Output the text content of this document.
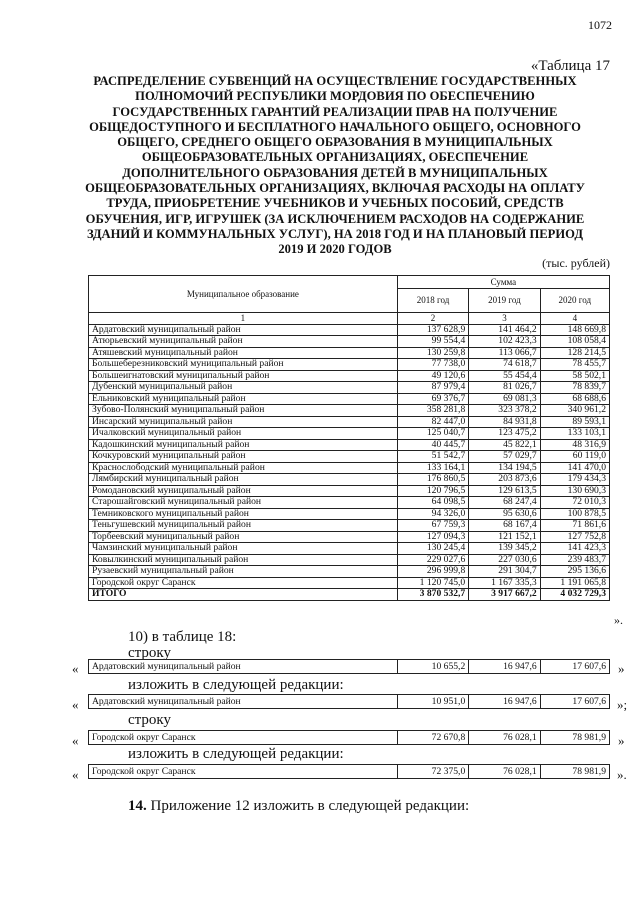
1072
«Таблица 17
РАСПРЕДЕЛЕНИЕ СУБВЕНЦИЙ НА ОСУЩЕСТВЛЕНИЕ ГОСУДАРСТВЕННЫХ ПОЛНОМОЧИЙ РЕСПУБЛИКИ МОРДОВИЯ ПО ОБЕСПЕЧЕНИЮ ГОСУДАРСТВЕННЫХ ГАРАНТИЙ РЕАЛИЗАЦИИ ПРАВ НА ПОЛУЧЕНИЕ ОБЩЕДОСТУПНОГО И БЕСПЛАТНОГО НАЧАЛЬНОГО ОБЩЕГО, ОСНОВНОГО ОБЩЕГО, СРЕДНЕГО ОБЩЕГО ОБРАЗОВАНИЯ В МУНИЦИПАЛЬНЫХ ОБЩЕОБРАЗОВАТЕЛЬНЫХ ОРГАНИЗАЦИЯХ, ОБЕСПЕЧЕНИЕ ДОПОЛНИТЕЛЬНОГО ОБРАЗОВАНИЯ ДЕТЕЙ В МУНИЦИПАЛЬНЫХ ОБЩЕОБРАЗОВАТЕЛЬНЫХ ОРГАНИЗАЦИЯХ, ВКЛЮЧАЯ РАСХОДЫ НА ОПЛАТУ ТРУДА, ПРИОБРЕТЕНИЕ УЧЕБНИКОВ И УЧЕБНЫХ ПОСОБИЙ, СРЕДСТВ ОБУЧЕНИЯ, ИГР, ИГРУШЕК (ЗА ИСКЛЮЧЕНИЕМ РАСХОДОВ НА СОДЕРЖАНИЕ ЗДАНИЙ И КОММУНАЛЬНЫХ УСЛУГ), НА 2018 ГОД И НА ПЛАНОВЫЙ ПЕРИОД 2019 И 2020 ГОДОВ
(тыс. рублей)
Муниципальное образование	Сумма		
	2018 год	2019 год	2020 год
1	2	3	4
Ардатовский муниципальный район	137 628,9	141 464,2	148 669,8
Атюрьевский муниципальный район	99 554,4	102 423,3	108 058,4
Атяшевский муниципальный район	130 259,8	113 066,7	128 214,5
Большеберезниковский муниципальный район	77 738,0	74 618,7	78 455,7
Большеигнатовский муниципальный район	49 120,6	55 454,4	58 502,1
Дубенский муниципальный район	87 979,4	81 026,7	78 839,7
Ельниковский муниципальный район	69 376,7	69 081,3	68 688,6
Зубово-Полянский муниципальный район	358 281,8	323 378,2	340 961,2
Инсарский муниципальный район	82 447,0	84 931,8	89 593,1
Ичалковский муниципальный район	125 040,7	123 475,2	133 103,1
Кадошкинский муниципальный район	40 445,7	45 822,1	48 316,9
Кочкуровский муниципальный район	51 542,7	57 029,7	60 119,0
Краснослободский муниципальный район	133 164,1	134 194,5	141 470,0
Лямбирский муниципальный район	176 860,5	203 873,6	179 434,3
Ромодановский муниципальный район	120 796,5	129 613,5	130 690,3
Старошайговский муниципальный район	64 098,5	68 247,4	72 010,3
Темниковского муниципальный район	94 326,0	95 630,6	100 878,5
Теньгушевский муниципальный район	67 759,3	68 167,4	71 861,6
Торбеевский муниципальный район	127 094,3	121 152,1	127 752,8
Чамзинский муниципальный район	130 245,4	139 345,2	141 423,3
Ковылкинский муниципальный район	229 027,6	227 030,6	239 483,7
Рузаевский муниципальный район	296 999,8	291 304,7	295 136,6
Городской округ Саранск	1 120 745,0	1 167 335,3	1 191 065,8
ИТОГО	3 870 532,7	3 917 667,2	4 032 729,3
».
10) в таблице 18:
строку
« Ардатовский муниципальный район	10 655,2	16 947,6	17 607,6 »
изложить в следующей редакции:
« Ардатовский муниципальный район	10 951,0	16 947,6	17 607,6 »;
строку
« Городской округ Саранск	72 670,8	76 028,1	78 981,9 »
изложить в следующей редакции:
« Городской округ Саранск	72 375,0	76 028,1	78 981,9 ».
14. Приложение 12 изложить в следующей редакции:
